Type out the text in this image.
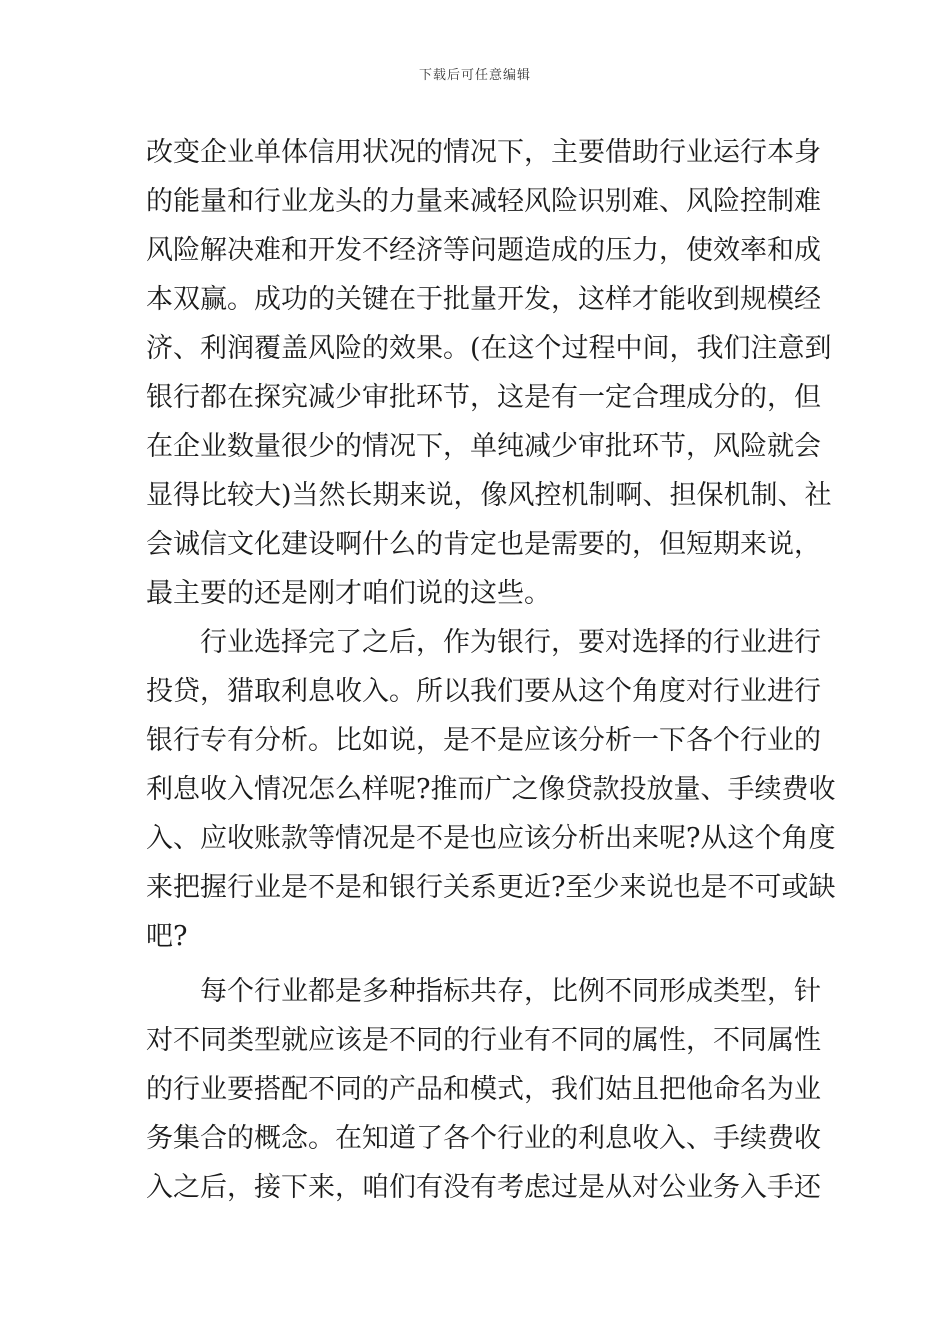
下载后可任意编辑
改变企业单体信用状况的情况下，主要借助行业运行本身
的能量和行业龙头的力量来减轻风险识别难、风险控制难
风险解决难和开发不经济等问题造成的压力，使效率和成
本双赢。成功的关键在于批量开发，这样才能收到规模经
济、利润覆盖风险的效果。(在这个过程中间，我们注意到
银行都在探究减少审批环节，这是有一定合理成分的，但
在企业数量很少的情况下，单纯减少审批环节，风险就会
显得比较大)当然长期来说，像风控机制啊、担保机制、社
会诚信文化建设啊什么的肯定也是需要的，但短期来说，
最主要的还是刚才咱们说的这些。
行业选择完了之后，作为银行，要对选择的行业进行
投贷，猎取利息收入。所以我们要从这个角度对行业进行
银行专有分析。比如说，是不是应该分析一下各个行业的
利息收入情况怎么样呢?推而广之像贷款投放量、手续费收
入、应收账款等情况是不是也应该分析出来呢?从这个角度
来把握行业是不是和银行关系更近?至少来说也是不可或缺
吧?
每个行业都是多种指标共存，比例不同形成类型，针
对不同类型就应该是不同的行业有不同的属性，不同属性
的行业要搭配不同的产品和模式，我们姑且把他命名为业
务集合的概念。在知道了各个行业的利息收入、手续费收
入之后，接下来，咱们有没有考虑过是从对公业务入手还
